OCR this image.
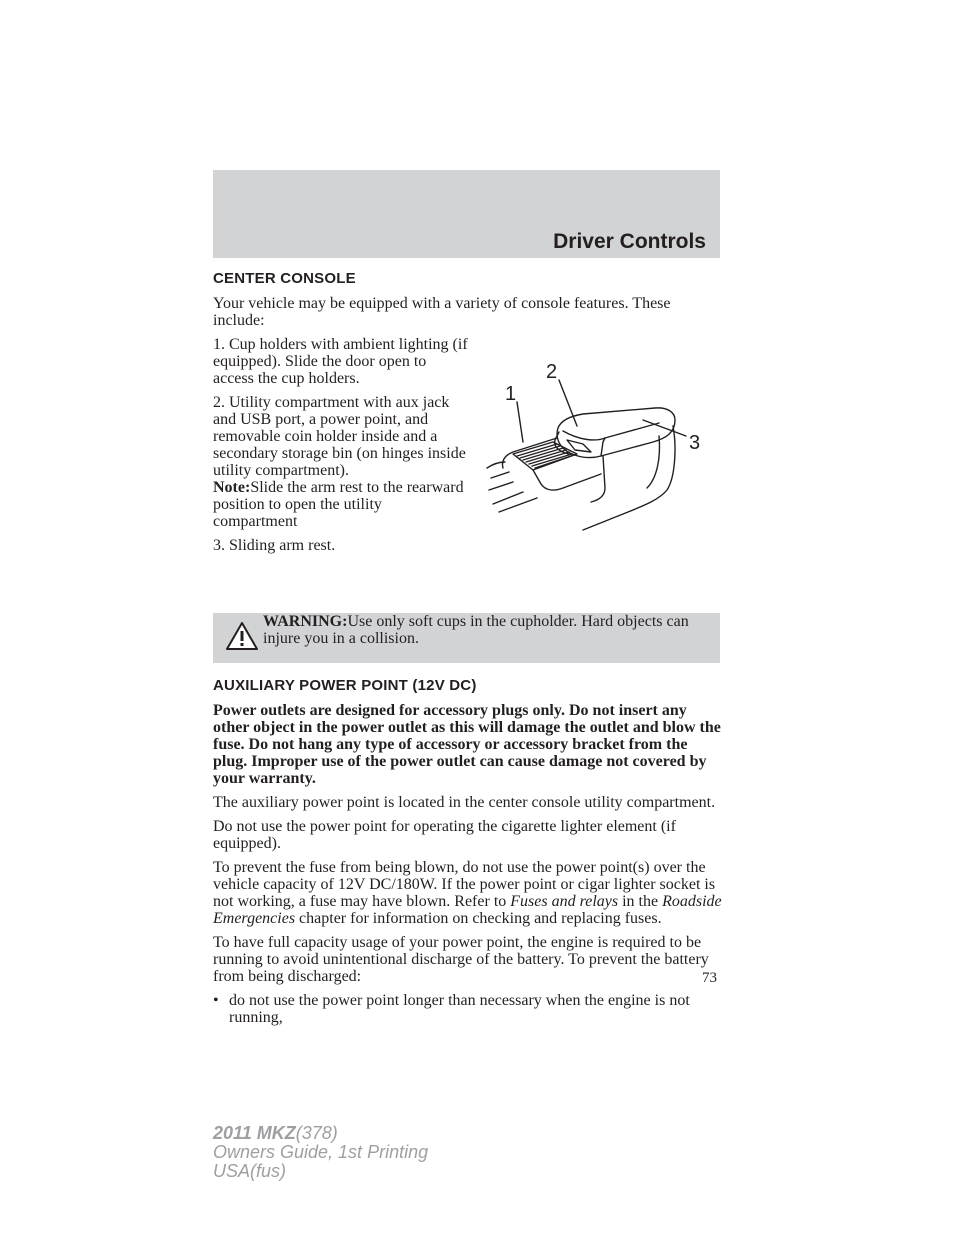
Driver Controls
CENTER CONSOLE

Your vehicle may be equipped with a variety of console features. These include:

1. Cup holders with ambient lighting (if equipped). Slide the door open to access the cup holders.

2. Utility compartment with aux jack and USB port, a power point, and removable coin holder inside and a secondary storage bin (on hinges inside utility compartment).

Note:Slide the arm rest to the rearward position to open the utility compartment

3. Sliding arm rest.

1
2
3
WARNING:Use only soft cups in the cupholder. Hard objects can injure you in a collision.
AUXILIARY POWER POINT (12V DC)

Power outlets are designed for accessory plugs only. Do not insert any other object in the power outlet as this will damage the outlet and blow the fuse. Do not hang any type of accessory or accessory bracket from the plug. Improper use of the power outlet can cause damage not covered by your warranty.

The auxiliary power point is located in the center console utility compartment.

Do not use the power point for operating the cigarette lighter element (if equipped).

To prevent the fuse from being blown, do not use the power point(s) over the vehicle capacity of 12V DC/180W. If the power point or cigar lighter socket is not working, a fuse may have blown. Refer to Fuses and relays in the Roadside Emergencies chapter for information on checking and replacing fuses.

To have full capacity usage of your power point, the engine is required to be running to avoid unintentional discharge of the battery. To prevent the battery from being discharged:

• do not use the power point longer than necessary when the engine is not running,

73
2011 MKZ(378)
Owners Guide, 1st Printing
USA(fus)
